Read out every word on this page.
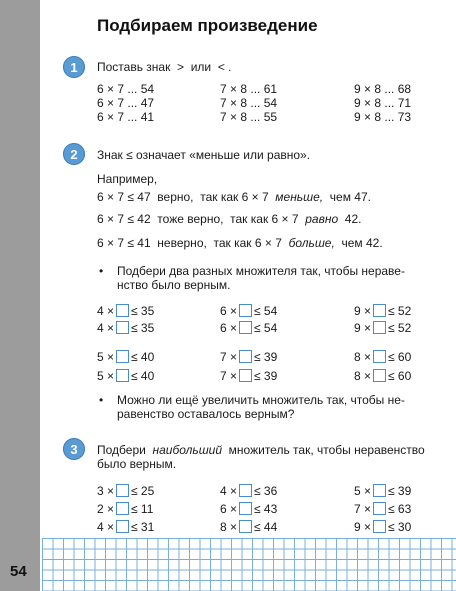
54
Подбираем произведение
1	Поставь знак > или < .
6 × 7 ... 54	7 × 8 ... 61	9 × 8 ... 68
6 × 7 ... 47	7 × 8 ... 54	9 × 8 ... 71
6 × 7 ... 41	7 × 8 ... 55	9 × 8 ... 73
2	Знак ≤ означает «меньше или равно».
Например,
6 × 7 ≤ 47 верно, так как 6 × 7 меньше, чем 47.
6 × 7 ≤ 42 тоже верно, так как 6 × 7 равно 42.
6 × 7 ≤ 41 неверно, так как 6 × 7 больше, чем 42.
• Подбери два разных множителя так, чтобы нераве-
нство было верным.
4 × ≤ 35	6 × ≤ 54	9 × ≤ 52
4 × ≤ 35	6 × ≤ 54	9 × ≤ 52
5 × ≤ 40	7 × ≤ 39	8 × ≤ 60
5 × ≤ 40	7 × ≤ 39	8 × ≤ 60
• Можно ли ещё увеличить множитель так, чтобы не-
равенство оставалось верным?
3	Подбери наибольший множитель так, чтобы неравенство
было верным.
3 × ≤ 25	4 × ≤ 36	5 × ≤ 39
2 × ≤ 11	6 × ≤ 43	7 × ≤ 63
4 × ≤ 31	8 × ≤ 44	9 × ≤ 30
